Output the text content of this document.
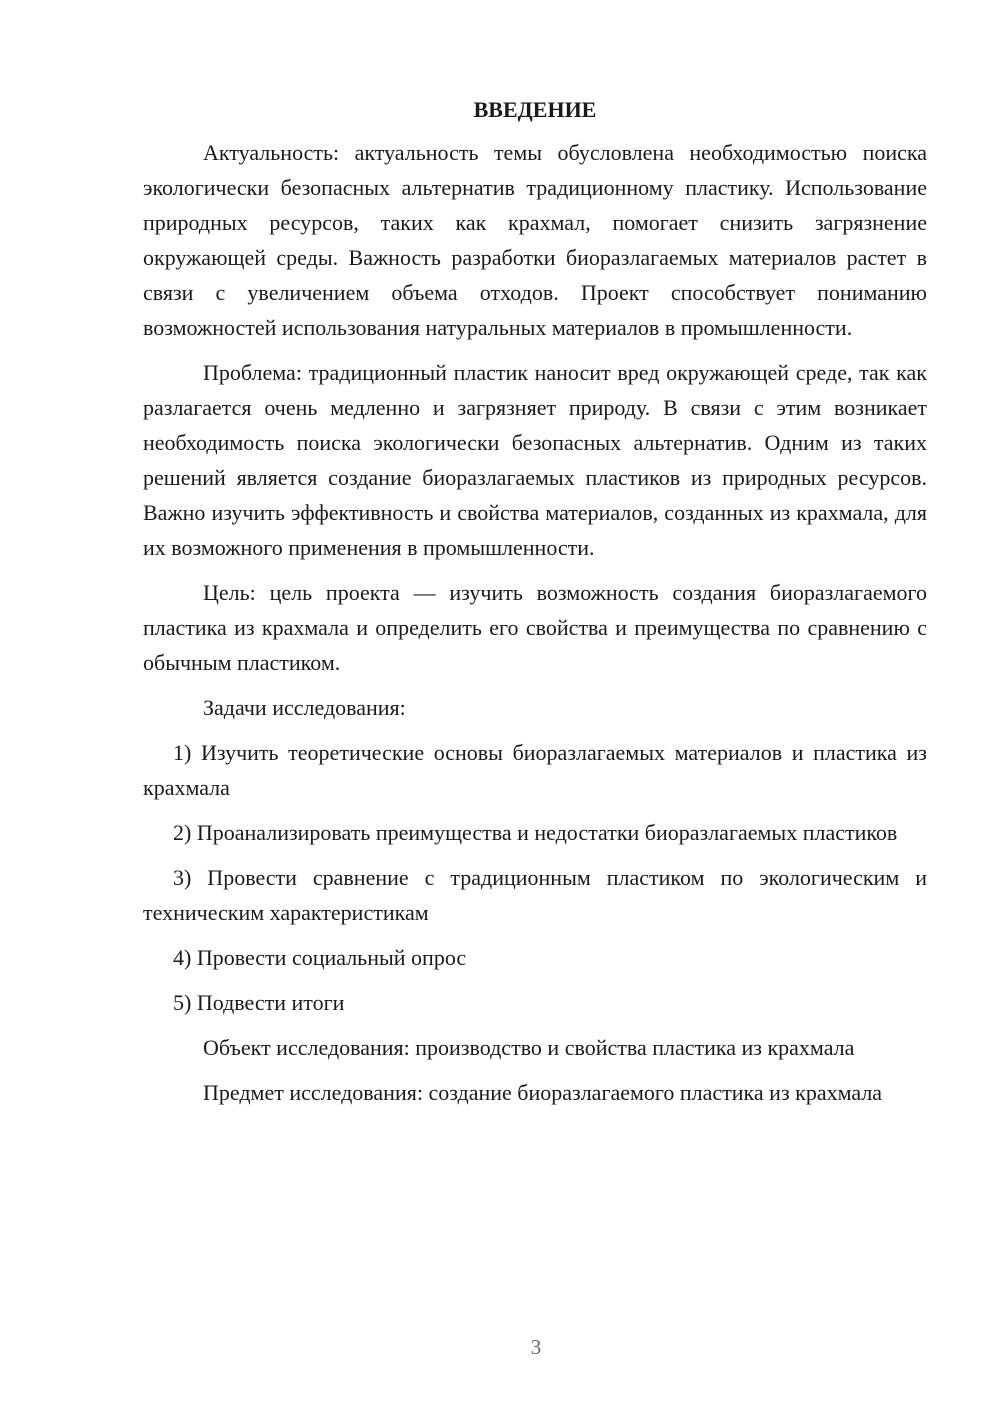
ВВЕДЕНИЕ

Актуальность: актуальность темы обусловлена необходимостью поиска экологически безопасных альтернатив традиционному пластику. Использование природных ресурсов, таких как крахмал, помогает снизить загрязнение окружающей среды. Важность разработки биоразлагаемых материалов растет в связи с увеличением объема отходов. Проект способствует пониманию возможностей использования натуральных материалов в промышленности.

Проблема: традиционный пластик наносит вред окружающей среде, так как разлагается очень медленно и загрязняет природу. В связи с этим возникает необходимость поиска экологически безопасных альтернатив. Одним из таких решений является создание биоразлагаемых пластиков из природных ресурсов. Важно изучить эффективность и свойства материалов, созданных из крахмала, для их возможного применения в промышленности.

Цель: цель проекта — изучить возможность создания биоразлагаемого пластика из крахмала и определить его свойства и преимущества по сравнению с обычным пластиком.

Задачи исследования:

1) Изучить теоретические основы биоразлагаемых материалов и пластика из крахмала

2) Проанализировать преимущества и недостатки биоразлагаемых пластиков

3) Провести сравнение с традиционным пластиком по экологическим и техническим характеристикам

4) Провести социальный опрос

5) Подвести итоги

Объект исследования: производство и свойства пластика из крахмала

Предмет исследования: создание биоразлагаемого пластика из крахмала

3
